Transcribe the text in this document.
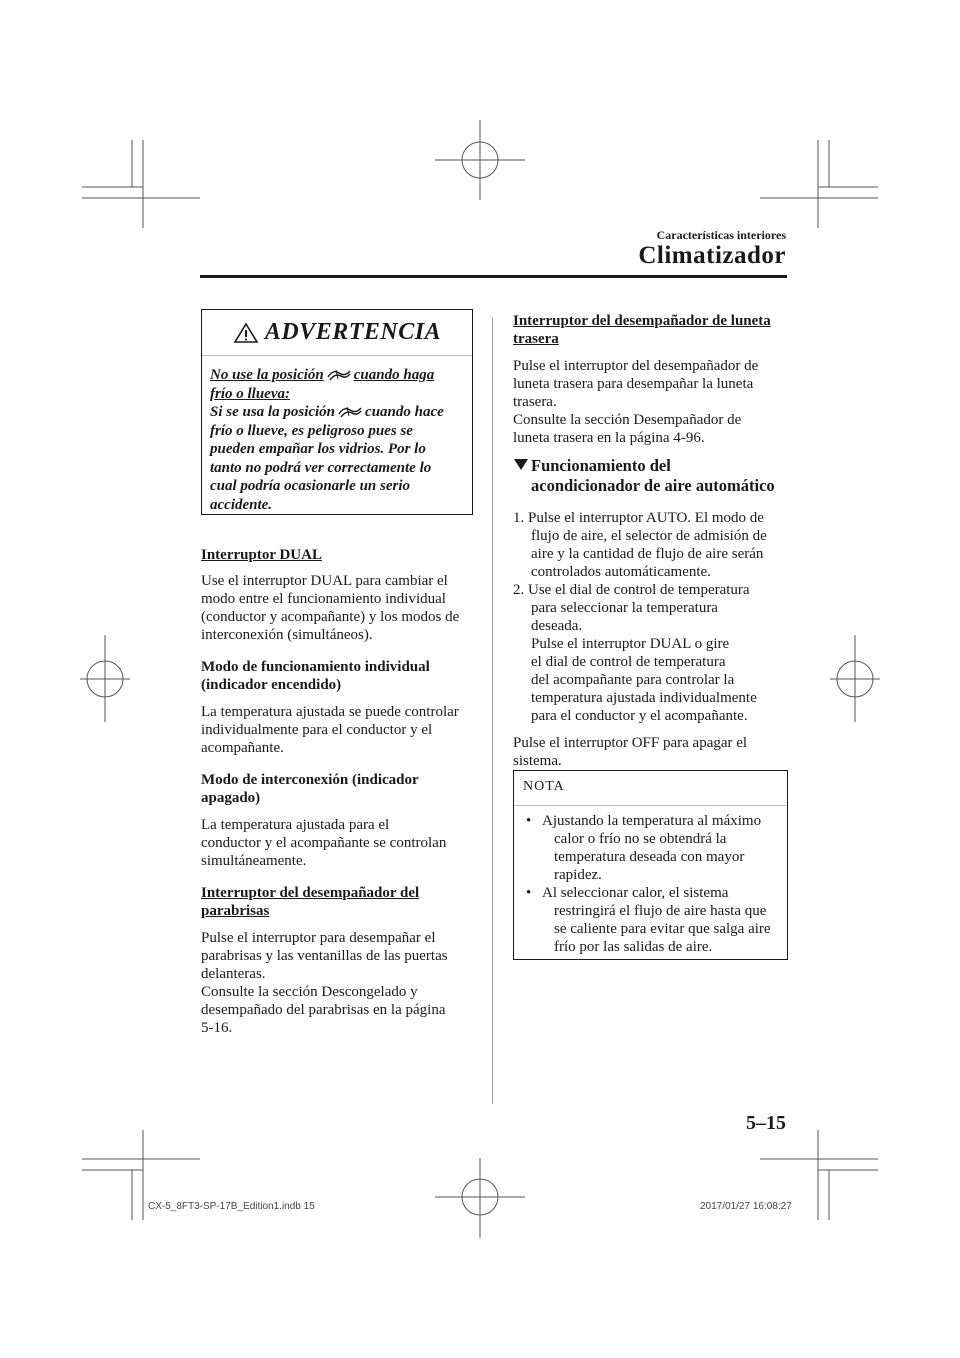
Características interiores
Climatizador
ADVERTENCIA
No use la posición cuando haga
frío o llueva:
Si se usa la posición cuando hace
frío o llueve, es peligroso pues se
pueden empañar los vidrios. Por lo
tanto no podrá ver correctamente lo
cual podría ocasionarle un serio
accidente.
Interruptor DUAL
Use el interruptor DUAL para cambiar el
modo entre el funcionamiento individual
(conductor y acompañante) y los modos de
interconexión (simultáneos).
Modo de funcionamiento individual
(indicador encendido)
La temperatura ajustada se puede controlar
individualmente para el conductor y el
acompañante.
Modo de interconexión (indicador
apagado)
La temperatura ajustada para el
conductor y el acompañante se controlan
simultáneamente.
Interruptor del desempañador del
parabrisas
Pulse el interruptor para desempañar el
parabrisas y las ventanillas de las puertas
delanteras.
Consulte la sección Descongelado y
desempañado del parabrisas en la página
5-16.
Interruptor del desempañador de luneta
trasera
Pulse el interruptor del desempañador de
luneta trasera para desempañar la luneta
trasera.
Consulte la sección Desempañador de
luneta trasera en la página 4-96.
Funcionamiento del
acondicionador de aire automático
1. Pulse el interruptor AUTO. El modo de
flujo de aire, el selector de admisión de
aire y la cantidad de flujo de aire serán
controlados automáticamente.
2. Use el dial de control de temperatura
para seleccionar la temperatura
deseada.
Pulse el interruptor DUAL o gire
el dial de control de temperatura
del acompañante para controlar la
temperatura ajustada individualmente
para el conductor y el acompañante.
Pulse el interruptor OFF para apagar el
sistema.
NOTA
• Ajustando la temperatura al máximo
calor o frío no se obtendrá la
temperatura deseada con mayor
rapidez.
• Al seleccionar calor, el sistema
restringirá el flujo de aire hasta que
se caliente para evitar que salga aire
frío por las salidas de aire.
5–15
CX-5_8FT3-SP-17B_Edition1.indb 15	2017/01/27 16:08:27
